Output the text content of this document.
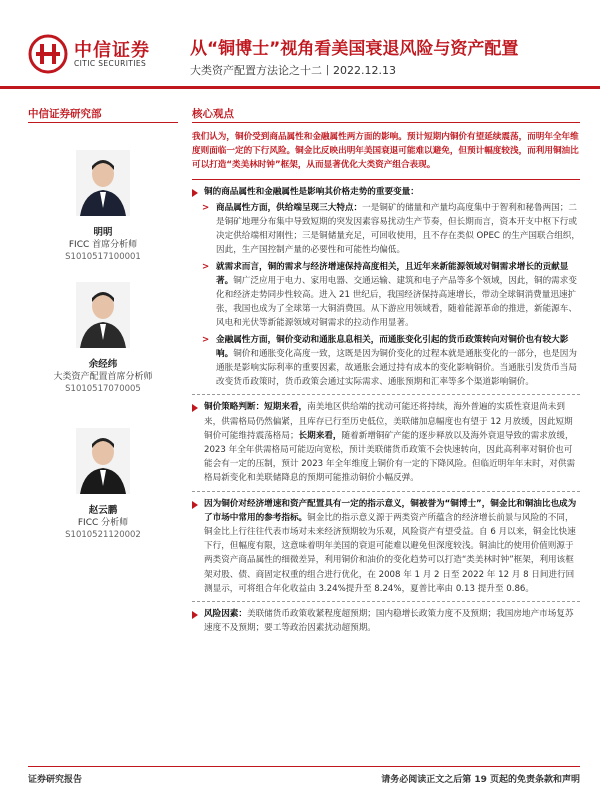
中信证券
CITIC SECURITIES
从“铜博士”视角看美国衰退风险与资产配置
大类资产配置方法论之十二丨2022.12.13
中信证券研究部
明明
FICC 首席分析师
S1010517100001
余经纬
大类资产配置首席分析师
S1010517070005
赵云鹏
FICC 分析师
S1010521120002
核心观点
我们认为，铜价受到商品属性和金融属性两方面的影响。预计短期内铜价有望延续震荡，而明年全年维度则面临一定的下行风险。铜金比反映出明年美国衰退可能难以避免，但预计幅度较浅，而利用铜油比可以打造“类美林时钟”框架，从而显著优化大类资产组合表现。
铜的商品属性和金融属性是影响其价格走势的重要变量：
> 商品属性方面，供给端呈现三大特点：一是铜矿的储量和产量均高度集中于智利和秘鲁两国；二是铜矿地理分布集中导致短期的突发因素容易扰动生产节奏，但长期而言，资本开支中枢下行或决定供给端相对刚性；三是铜储量充足，可回收使用，且不存在类似 OPEC 的生产国联合组织，因此，生产国控制产量的必要性和可能性均偏低。
> 就需求而言，铜的需求与经济增速保持高度相关，且近年来新能源领域对铜需求增长的贡献显著。铜广泛应用于电力、家用电器、交通运输、建筑和电子产品等多个领域，因此，铜的需求变化和经济走势同步性较高。进入 21 世纪后，我国经济保持高速增长，带动全球铜消费量迅速扩张，我国也成为了全球第一大铜消费国。从下游应用领域看，随着能源革命的推进，新能源车、风电和光伏等新能源领域对铜需求的拉动作用显著。
> 金融属性方面，铜价变动和通胀息息相关，而通胀变化引起的货币政策转向对铜价也有较大影响。铜价和通胀变化高度一致，这既是因为铜价变化的过程本就是通胀变化的一部分，也是因为通胀是影响实际利率的重要因素，故通胀会通过持有成本的变化影响铜价。当通胀引发货币当局改变货币政策时，货币政策会通过实际需求、通胀预期和汇率等多个渠道影响铜价。
铜价策略判断：短期来看，南美地区供给端的扰动可能还将持续，海外普遍的实质性衰退尚未到来，供需格局仍然偏紧，且库存已行至历史低位，美联储加息幅度也有望于 12 月放缓，因此短期铜价可能维持震荡格局；长期来看，随着新增铜矿产能的逐步释放以及海外衰退导致的需求放缓，2023 年全年供需格局可能迈向宽松，预计美联储货币政策不会快速转向，因此高利率对铜价也可能会有一定的压制，预计 2023 年全年维度上铜价有一定的下降风险。但临近明年年末时，对供需格局新变化和美联储降息的预期可能推动铜价小幅反弹。
因为铜价对经济增速和资产配置具有一定的指示意义，铜被誉为“铜博士”，铜金比和铜油比也成为了市场中常用的参考指标。铜金比的指示意义源于两类资产所蕴含的经济增长前景与风险的不同，铜金比上行往往代表市场对未来经济预期较为乐观，风险资产有望受益。自 6 月以来，铜金比快速下行，但幅度有限，这意味着明年美国的衰退可能难以避免但深度较浅。铜油比的使用价值则源于两类资产商品属性的细微差异，利用铜价和油价的变化趋势可以打造“类美林时钟”框架，利用该框架对股、债、商固定权重的组合进行优化，在 2008 年 1 月 2 日至 2022 年 12 月 8 日间进行回测显示，可将组合年化收益由 3.24%提升至 8.24%，夏普比率由 0.13 提升至 0.86。
风险因素：美联储货币政策收紧程度超预期；国内稳增长政策力度不及预期；我国房地产市场复苏速度不及预期；要工等政治因素扰动超预期。
证券研究报告	请务必阅读正文之后第 19 页起的免责条款和声明
